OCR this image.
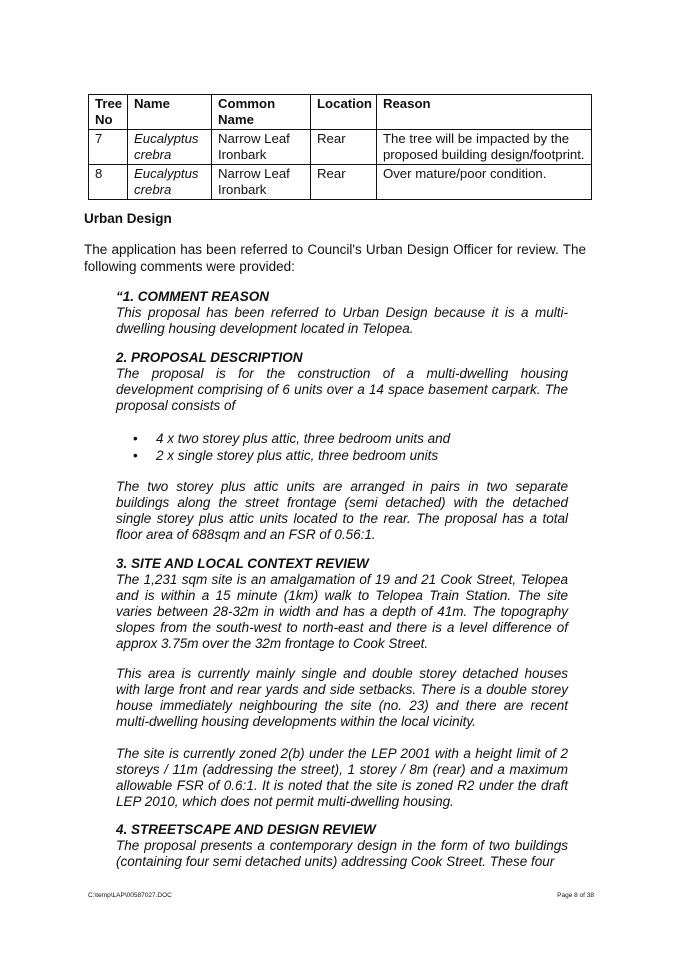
Tree No	Name	Common Name	Location	Reason
7	Eucalyptus crebra	Narrow Leaf Ironbark	Rear	The tree will be impacted by the proposed building design/footprint.
8	Eucalyptus crebra	Narrow Leaf Ironbark	Rear	Over mature/poor condition.
Urban Design

The application has been referred to Council's Urban Design Officer for review. The following comments were provided:

“1. COMMENT REASON

This proposal has been referred to Urban Design because it is a multi-dwelling housing development located in Telopea.

2. PROPOSAL DESCRIPTION

The proposal is for the construction of a multi-dwelling housing development comprising of 6 units over a 14 space basement carpark. The proposal consists of

• 4 x two storey plus attic, three bedroom units and
• 2 x single storey plus attic, three bedroom units

The two storey plus attic units are arranged in pairs in two separate buildings along the street frontage (semi detached) with the detached single storey plus attic units located to the rear. The proposal has a total floor area of 688sqm and an FSR of 0.56:1.

3. SITE AND LOCAL CONTEXT REVIEW

The 1,231 sqm site is an amalgamation of 19 and 21 Cook Street, Telopea and is within a 15 minute (1km) walk to Telopea Train Station. The site varies between 28-32m in width and has a depth of 41m. The topography slopes from the south-west to north-east and there is a level difference of approx 3.75m over the 32m frontage to Cook Street.

This area is currently mainly single and double storey detached houses with large front and rear yards and side setbacks. There is a double storey house immediately neighbouring the site (no. 23) and there are recent multi-dwelling housing developments within the local vicinity.

The site is currently zoned 2(b) under the LEP 2001 with a height limit of 2 storeys / 11m (addressing the street), 1 storey / 8m (rear) and a maximum allowable FSR of 0.6:1. It is noted that the site is zoned R2 under the draft LEP 2010, which does not permit multi-dwelling housing.

4. STREETSCAPE AND DESIGN REVIEW

The proposal presents a contemporary design in the form of two buildings (containing four semi detached units) addressing Cook Street. These four

C:\temp\LAP\00587027.DOC	Page 8 of 38
